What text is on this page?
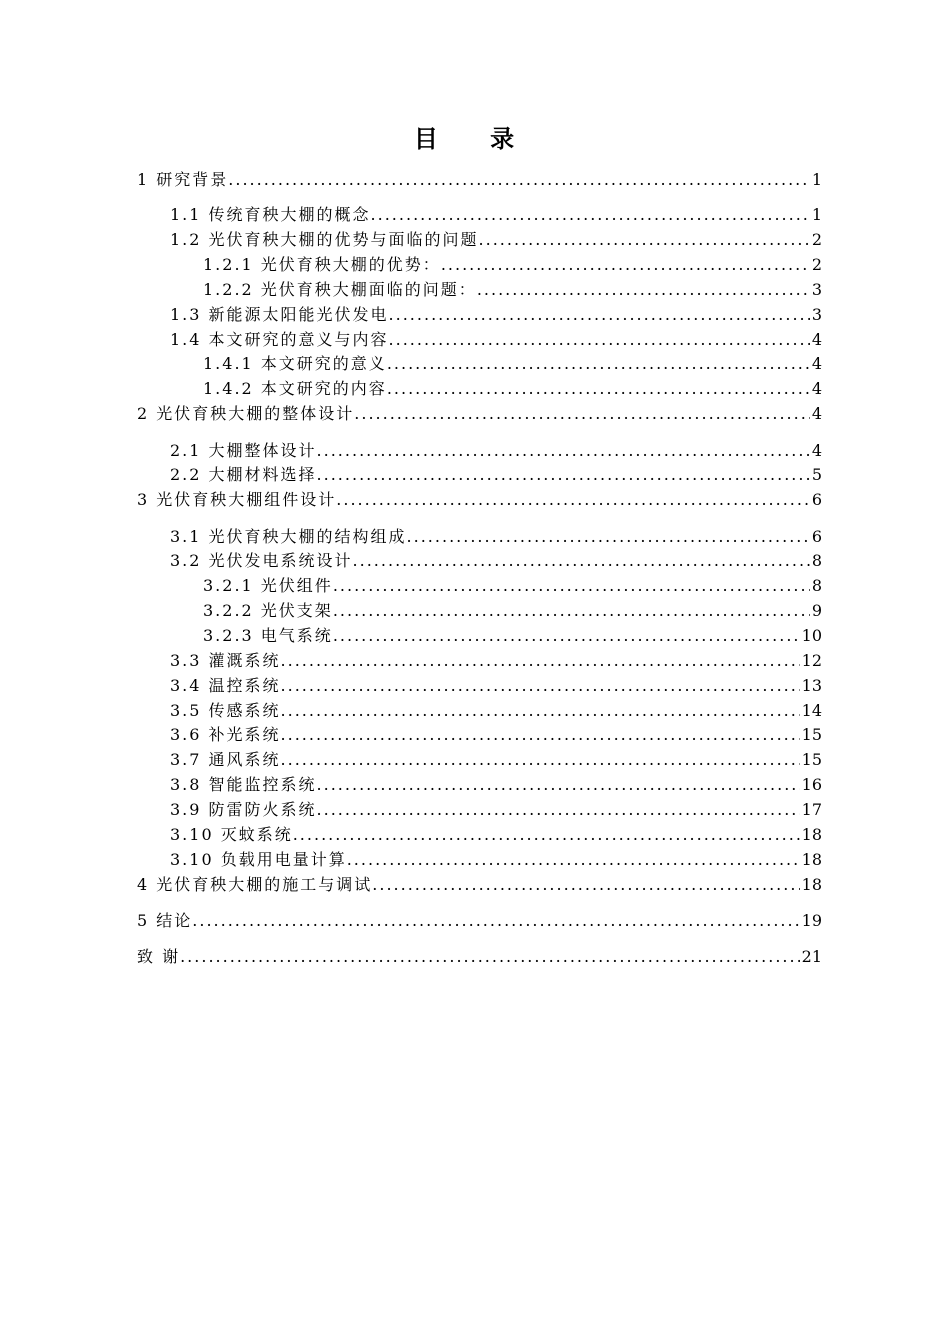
目 录
1 研究背景 .....	1
1.1 传统育秧大棚的概念 .....	1
1.2 光伏育秧大棚的优势与面临的问题 .....	2
1.2.1 光伏育秧大棚的优势： .....	2
1.2.2 光伏育秧大棚面临的问题： .....	3
1.3 新能源太阳能光伏发电 .....	3
1.4 本文研究的意义与内容 .....	4
1.4.1 本文研究的意义 .....	4
1.4.2 本文研究的内容 .....	4
2 光伏育秧大棚的整体设计 .....	4
2.1 大棚整体设计 .....	4
2.2 大棚材料选择 .....	5
3 光伏育秧大棚组件设计 .....	6
3.1 光伏育秧大棚的结构组成 .....	6
3.2 光伏发电系统设计 .....	8
3.2.1 光伏组件 .....	8
3.2.2 光伏支架 .....	9
3.2.3 电气系统 .....	10
3.3 灌溉系统 .....	12
3.4 温控系统 .....	13
3.5 传感系统 .....	14
3.6 补光系统 .....	15
3.7 通风系统 .....	15
3.8 智能监控系统 .....	16
3.9 防雷防火系统 .....	17
3.10 灭蚊系统 .....	18
3.10 负载用电量计算 .....	18
4 光伏育秧大棚的施工与调试 .....	18
5 结论 .....	19
致 谢 .....	21
